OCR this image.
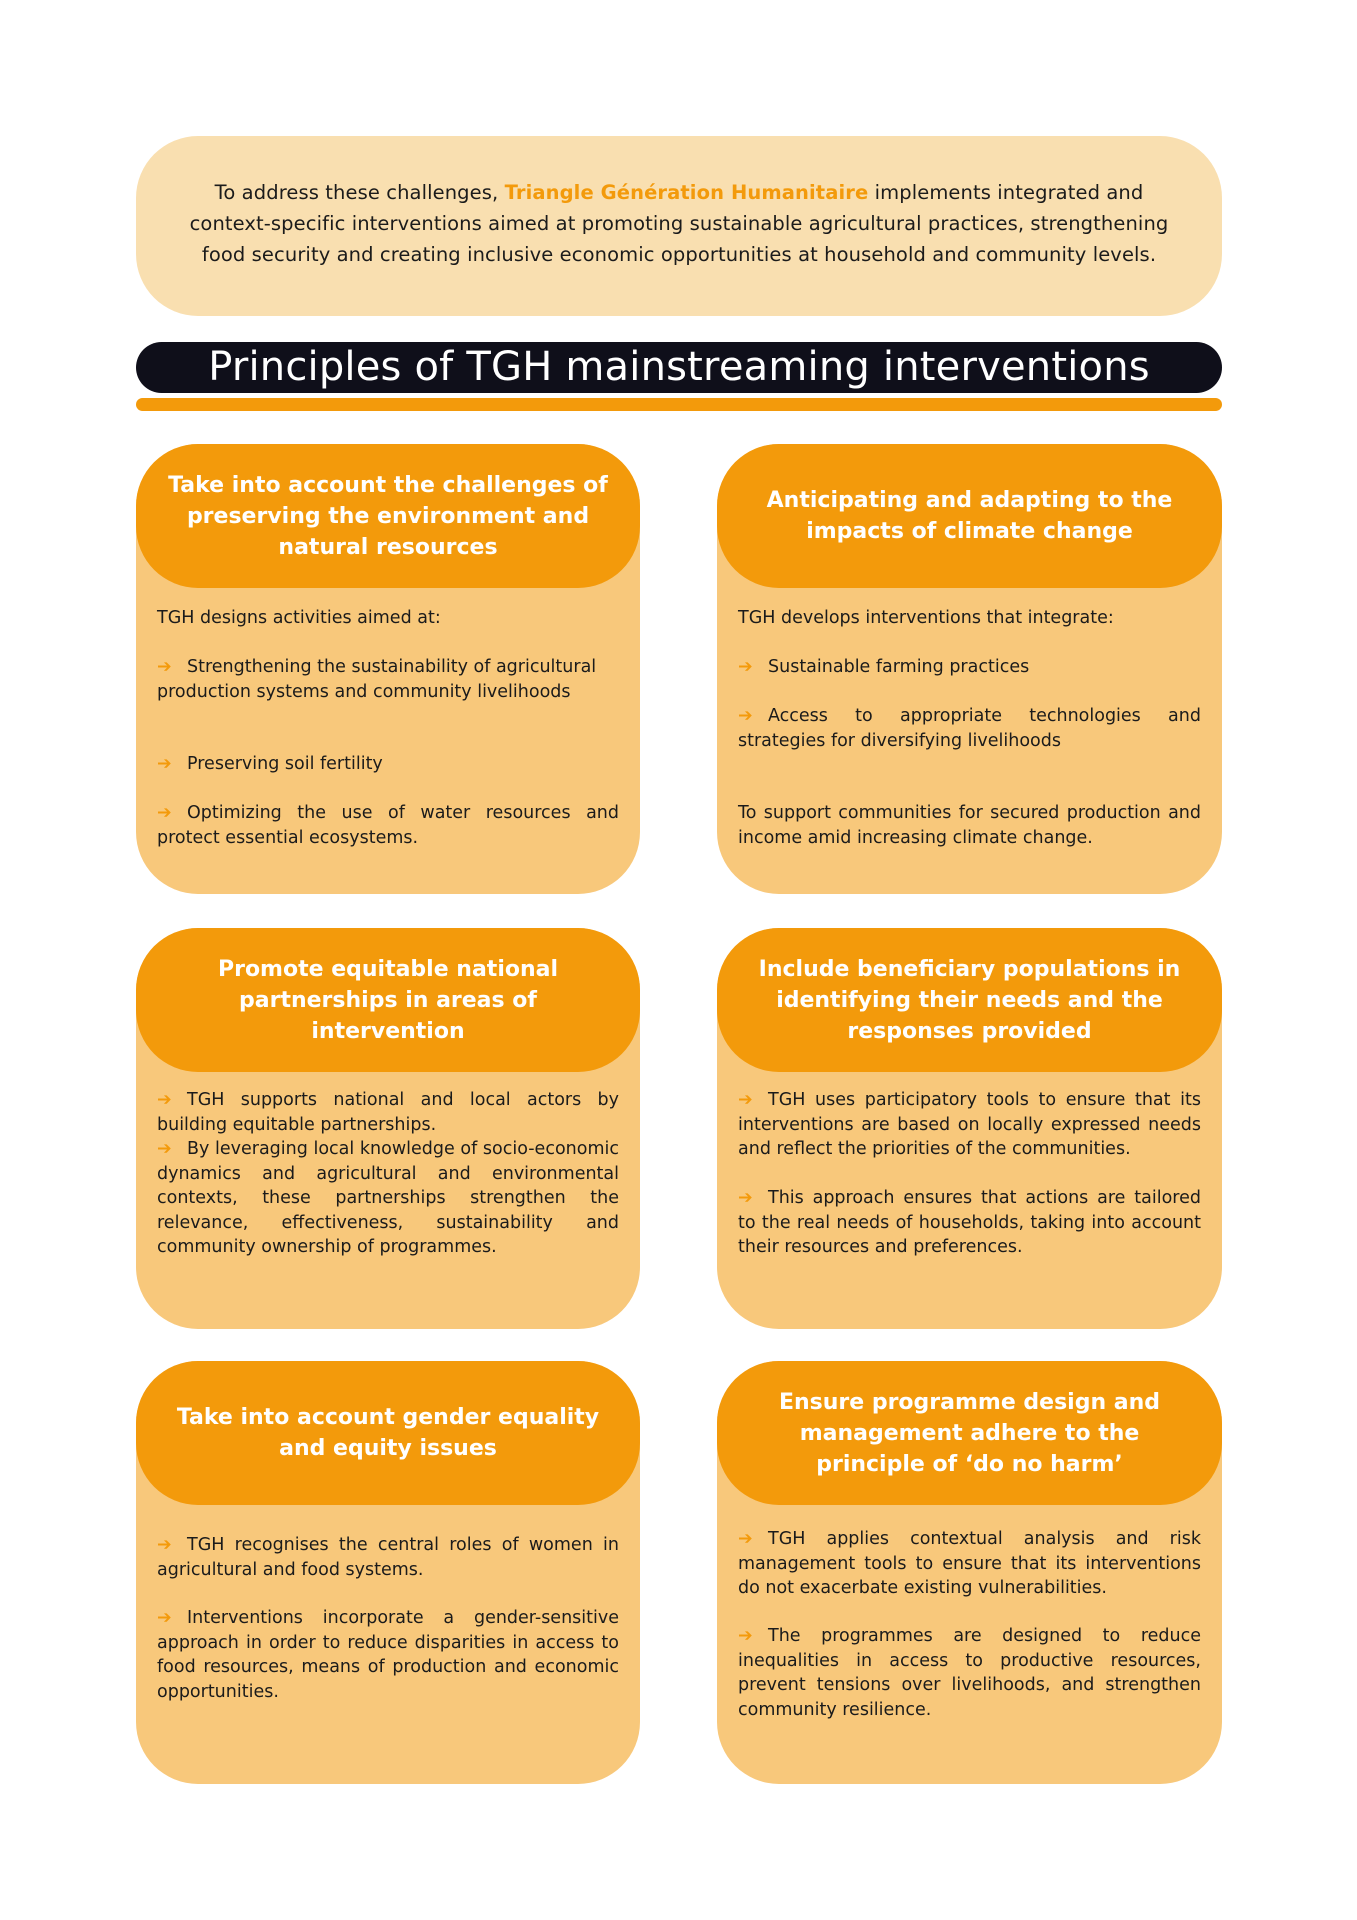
To address these challenges, Triangle Génération Humanitaire implements integrated and context-specific interventions aimed at promoting sustainable agricultural practices, strengthening food security and creating inclusive economic opportunities at household and community levels.
Principles of TGH mainstreaming interventions
Take into account the challenges of preserving the environment and natural resources

TGH designs activities aimed at:

➔ Strengthening the sustainability of agricultural production systems and community livelihoods

➔ Preserving soil fertility

➔ Optimizing the use of water resources and protect essential ecosystems.

Anticipating and adapting to the impacts of climate change

TGH develops interventions that integrate:

➔ Sustainable farming practices

➔ Access to appropriate technologies and strategies for diversifying livelihoods

To support communities for secured production and income amid increasing climate change.

Promote equitable national partnerships in areas of intervention

➔ TGH supports national and local actors by building equitable partnerships.

➔ By leveraging local knowledge of socio-economic dynamics and agricultural and environmental contexts, these partnerships strengthen the relevance, effectiveness, sustainability and community ownership of programmes.

Include beneficiary populations in identifying their needs and the responses provided

➔ TGH uses participatory tools to ensure that its interventions are based on locally expressed needs and reflect the priorities of the communities.

➔ This approach ensures that actions are tailored to the real needs of households, taking into account their resources and preferences.

Take into account gender equality and equity issues

➔ TGH recognises the central roles of women in agricultural and food systems.

➔ Interventions incorporate a gender-sensitive approach in order to reduce disparities in access to food resources, means of production and economic opportunities.

Ensure programme design and management adhere to the principle of ‘do no harm’

➔ TGH applies contextual analysis and risk management tools to ensure that its interventions do not exacerbate existing vulnerabilities.

➔ The programmes are designed to reduce inequalities in access to productive resources, prevent tensions over livelihoods, and strengthen community resilience.
